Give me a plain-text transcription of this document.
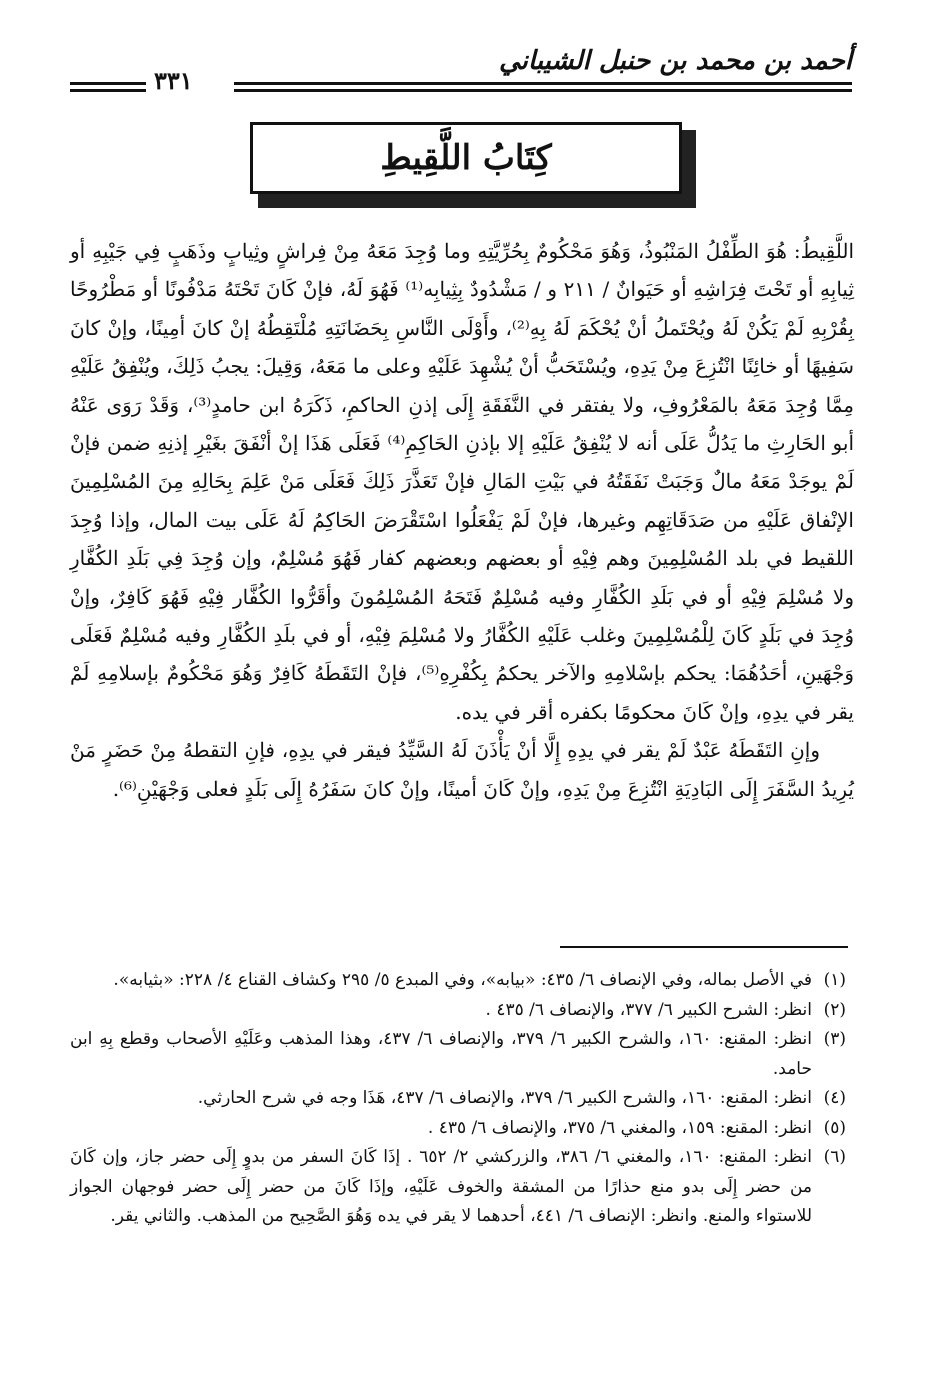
أحمد بن محمد بن حنبل الشيباني
٣٣١
كِتَابُ اللَّقِيطِ

اللَّقِيطُ: هُوَ الطِّفْلُ المَنْبُوذُ، وَهُوَ مَحْكُومٌ بِحُرِّيَّتِهِ وما وُجِدَ مَعَهُ مِنْ فِراشٍ وثِيابٍ وذَهَبٍ فِي جَيْبِهِ أو ثِيابِهِ أو تَحْتَ فِرَاشِهِ أو حَيَوانٌ / ٢١١ و / مَشْدُودٌ بِثِيابِه⁽¹⁾ فَهُوَ لَهُ، فإنْ كَانَ تَحْتَهُ مَدْفُونًا أو مَطْرُوحًا بِقُرْبِهِ لَمْ يَكُنْ لَهُ ويُحْتَملُ أنْ يُحْكَمَ لَهُ بِهِ⁽²⁾، وأَوْلَى النَّاسِ بِحَضَانَتِهِ مُلْتَقِطُهُ إنْ كانَ أمِينًا، وإنْ كانَ سَفِيهًا أو خائِنًا انْتُزِعَ مِنْ يَدِهِ، ويُسْتَحَبُّ أنْ يُشْهِدَ عَلَيْهِ وعلى ما مَعَهُ، وَقِيلَ: يجبُ ذَلِكَ، ويُنْفِقُ عَلَيْهِ مِمَّا وُجِدَ مَعَهُ بالمَعْرُوفِ، ولا يفتقر في النَّفَقَةِ إِلَى إذنِ الحاكمِ، ذَكَرَهُ ابن حامدٍ⁽³⁾، وَقَدْ رَوَى عَنْهُ أبو الحَارِثِ ما يَدُلُّ عَلَى أنه لا يُنْفِقُ عَلَيْهِ إلا بإذنِ الحَاكِمِ⁽⁴⁾ فَعَلَى هَذَا إنْ أنْفَقَ بغَيْرِ إذنِهِ ضمن فإنْ لَمْ يوجَدْ مَعَهُ مالٌ وَجَبَتْ نَفَقَتُهُ في بَيْتِ المَالِ فإنْ تَعَذَّرَ ذَلِكَ فَعَلَى مَنْ عَلِمَ بِحَالِهِ مِنَ المُسْلِمِينَ الإنْفاق عَلَيْهِ من صَدَقَاتِهِم وغيرها، فإنْ لَمْ يَفْعَلُوا اسْتَقْرَضَ الحَاكِمُ لَهُ عَلَى بيت المال، وإذا وُجِدَ اللقيط في بلد المُسْلِمِينَ وهم فِيْهِ أو بعضهم وبعضهم كفار فَهُوَ مُسْلِمٌ، وإن وُجِدَ فِي بَلَدِ الكُفَّارِ ولا مُسْلِمَ فِيْهِ أو في بَلَدِ الكُفَّارِ وفيه مُسْلِمٌ فَتَحَهُ المُسْلِمُونَ وأقَرُّوا الكُفَّار فِيْهِ فَهُوَ كَافِرٌ، وإنْ وُجِدَ في بَلَدٍ كَانَ لِلْمُسْلِمِينَ وغلب عَلَيْهِ الكُفَّارُ ولا مُسْلِمَ فِيْهِ، أو في بلَدِ الكُفَّارِ وفيه مُسْلِمٌ فَعَلَى وَجْهَينِ، أحَدُهُمَا: يحكم بإسْلامِهِ والآخر يحكمُ بِكُفْرِهِ⁽⁵⁾، فإنْ التَقَطَهُ كَافِرٌ وَهُوَ مَحْكُومٌ بإسلامِهِ لَمْ يقر في يدِهِ، وإنْ كَانَ محكومًا بكفره أقر في يده.

وإنِ التَقَطَهُ عَبْدٌ لَمْ يقر في يدِهِ إِلَّا أنْ يَأْذَنَ لَهُ السَّيِّدُ فيقر في يدِهِ، فإنِ التقطهُ مِنْ حَضَرٍ مَنْ يُرِيدُ السَّفَرَ إِلَى البَادِيَةِ انْتُزِعَ مِنْ يَدِهِ، وإنْ كَانَ أمينًا، وإنْ كانَ سَفَرُهُ إِلَى بَلَدٍ فعلى وَجْهَيْنِ⁽⁶⁾.

(١)
في الأصل بماله، وفي الإنصاف ٦/ ٤٣٥: «بيابه»، وفي المبدع ٥/ ٢٩٥ وكشاف القناع ٤/ ٢٢٨: «بثيابه».
(٢)
انظر: الشرح الكبير ٦/ ٣٧٧، والإنصاف ٦/ ٤٣٥ .
(٣)
انظر: المقنع: ١٦٠، والشرح الكبير ٦/ ٣٧٩، والإنصاف ٦/ ٤٣٧، وهذا المذهب وعَلَيْهِ الأصحاب وقطع بِهِ ابن حامد.
(٤)
انظر: المقنع: ١٦٠، والشرح الكبير ٦/ ٣٧٩، والإنصاف ٦/ ٤٣٧، هَذَا وجه في شرح الحارثي.
(٥)
انظر: المقنع: ١٥٩، والمغني ٦/ ٣٧٥، والإنصاف ٦/ ٤٣٥ .
(٦)
انظر: المقنع: ١٦٠، والمغني ٦/ ٣٨٦، والزركشي ٢/ ٦٥٢ . إذَا كَانَ السفر من بدوٍ إِلَى حضر جاز، وإن كَانَ من حضر إِلَى بدو منع حذارًا من المشقة والخوف عَلَيْهِ، وإذَا كَانَ من حضر إِلَى حضر فوجهان الجواز للاستواء والمنع. وانظر: الإنصاف ٦/ ٤٤١، أحدهما لا يقر في يده وَهُوَ الصَّحِيح من المذهب. والثاني يقر.
